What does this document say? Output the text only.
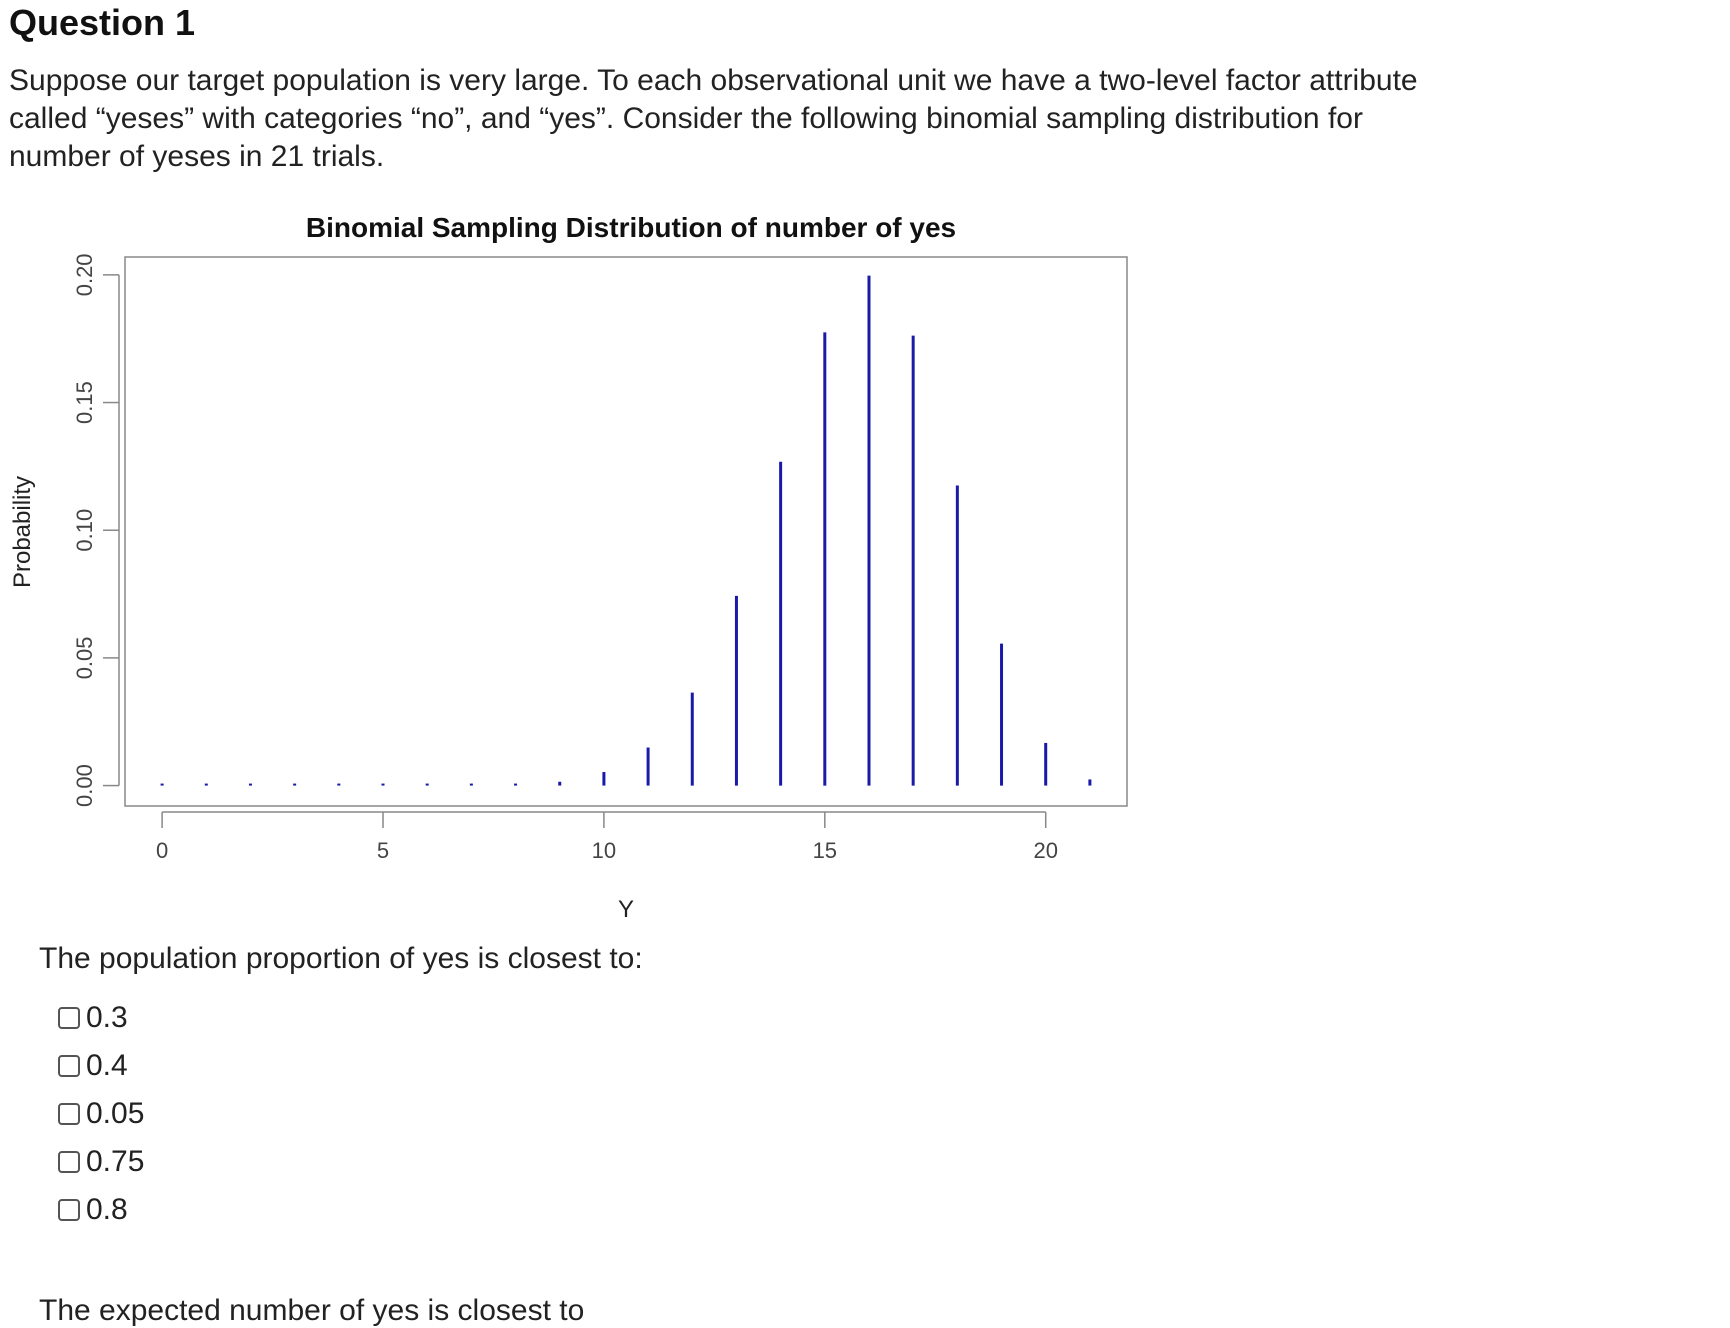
Question 1

Suppose our target population is very large. To each observational unit we have a two-level factor attribute called “yeses” with categories “no”, and “yes”. Consider the following binomial sampling distribution for number of yeses in 21 trials.

Binomial Sampling Distribution of number of yes
0	5	10	15	20
0.00
0.05
0.10
0.15
0.20
Y
Probability

The population proportion of yes is closest to:

0.3
0.4
0.05
0.75
0.8

The expected number of yes is closest to
